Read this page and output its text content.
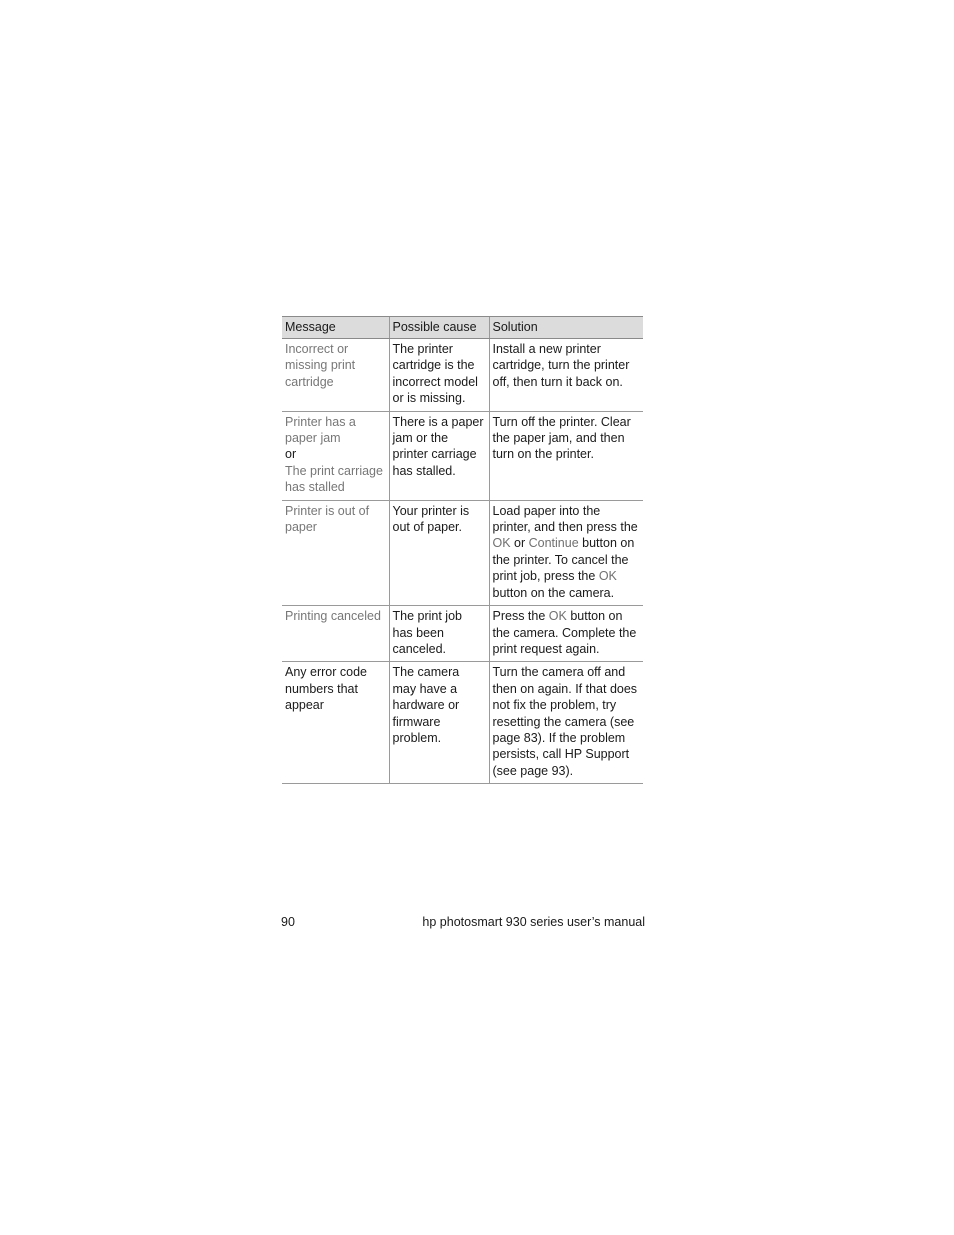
Message	Possible cause	Solution

Incorrect or missing print cartridge	The printer cartridge is the incorrect model or is missing.	Install a new printer cartridge, turn the printer off, then turn it back on.

Printer has a paper jam
or
The print carriage has stalled	There is a paper jam or the printer carriage has stalled.	Turn off the printer. Clear the paper jam, and then turn on the printer.

Printer is out of paper	Your printer is out of paper.	Load paper into the printer, and then press the OK or Continue button on the printer. To cancel the print job, press the OK button on the camera.

Printing canceled	The print job has been canceled.	Press the OK button on the camera. Complete the print request again.

Any error code numbers that appear	The camera may have a hardware or firmware problem.	Turn the camera off and then on again. If that does not fix the problem, try resetting the camera (see page 83). If the problem persists, call HP Support (see page 93).
90	hp photosmart 930 series user’s manual
